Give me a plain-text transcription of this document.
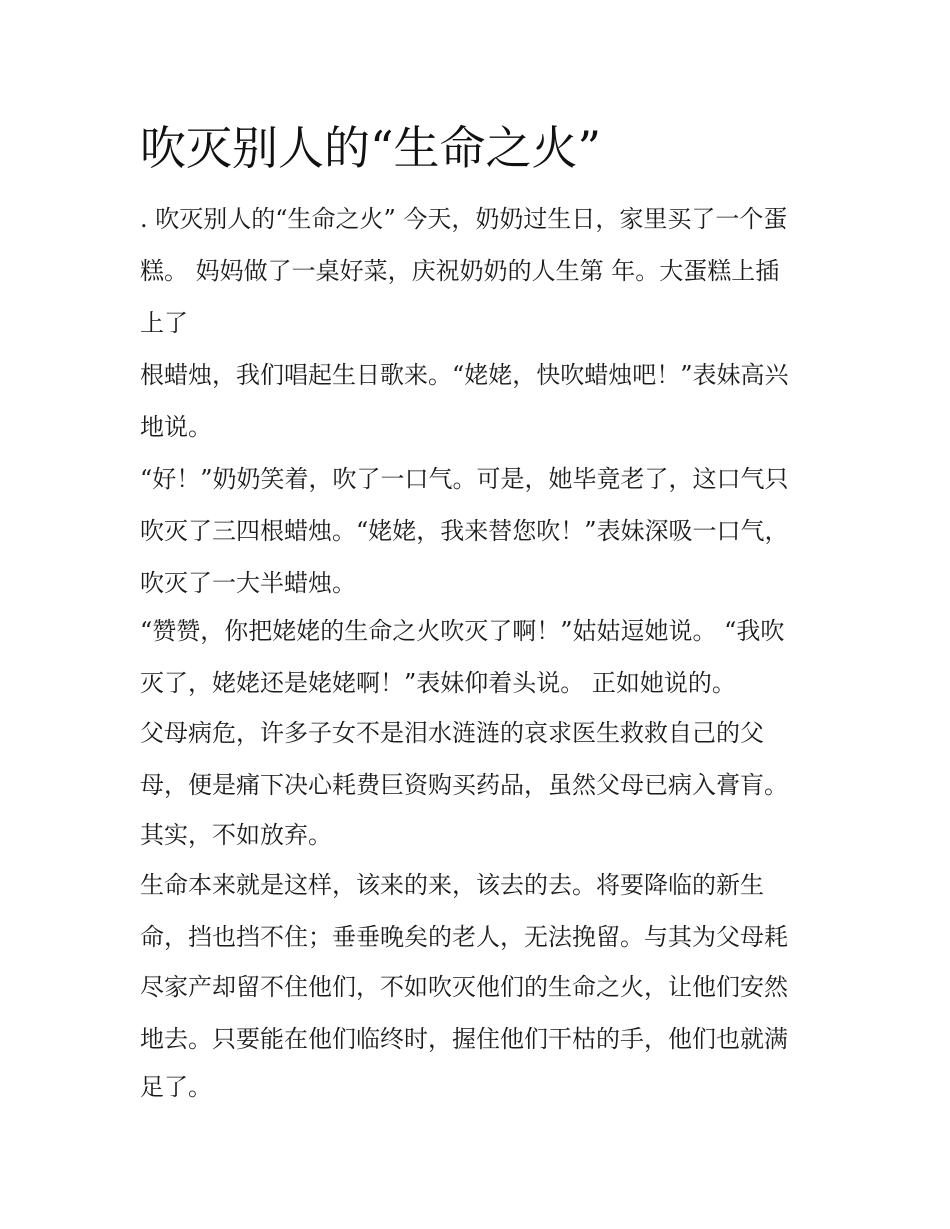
吹灭别人的“生命之火”

. 吹灭别人的“生命之火” 今天，奶奶过生日，家里买了一个蛋

糕。 妈妈做了一桌好菜，庆祝奶奶的人生第 年。大蛋糕上插

上了

根蜡烛，我们唱起生日歌来。“姥姥，快吹蜡烛吧！”表妹高兴

地说。

“好！”奶奶笑着，吹了一口气。可是，她毕竟老了，这口气只

吹灭了三四根蜡烛。“姥姥，我来替您吹！”表妹深吸一口气，

吹灭了一大半蜡烛。

“赞赞，你把姥姥的生命之火吹灭了啊！”姑姑逗她说。 “我吹

灭了，姥姥还是姥姥啊！”表妹仰着头说。 正如她说的。

父母病危，许多子女不是泪水涟涟的哀求医生救救自己的父

母，便是痛下决心耗费巨资购买药品，虽然父母已病入膏肓。

其实，不如放弃。

生命本来就是这样，该来的来，该去的去。将要降临的新生

命，挡也挡不住；垂垂晚矣的老人，无法挽留。与其为父母耗

尽家产却留不住他们，不如吹灭他们的生命之火，让他们安然

地去。只要能在他们临终时，握住他们干枯的手，他们也就满

足了。
